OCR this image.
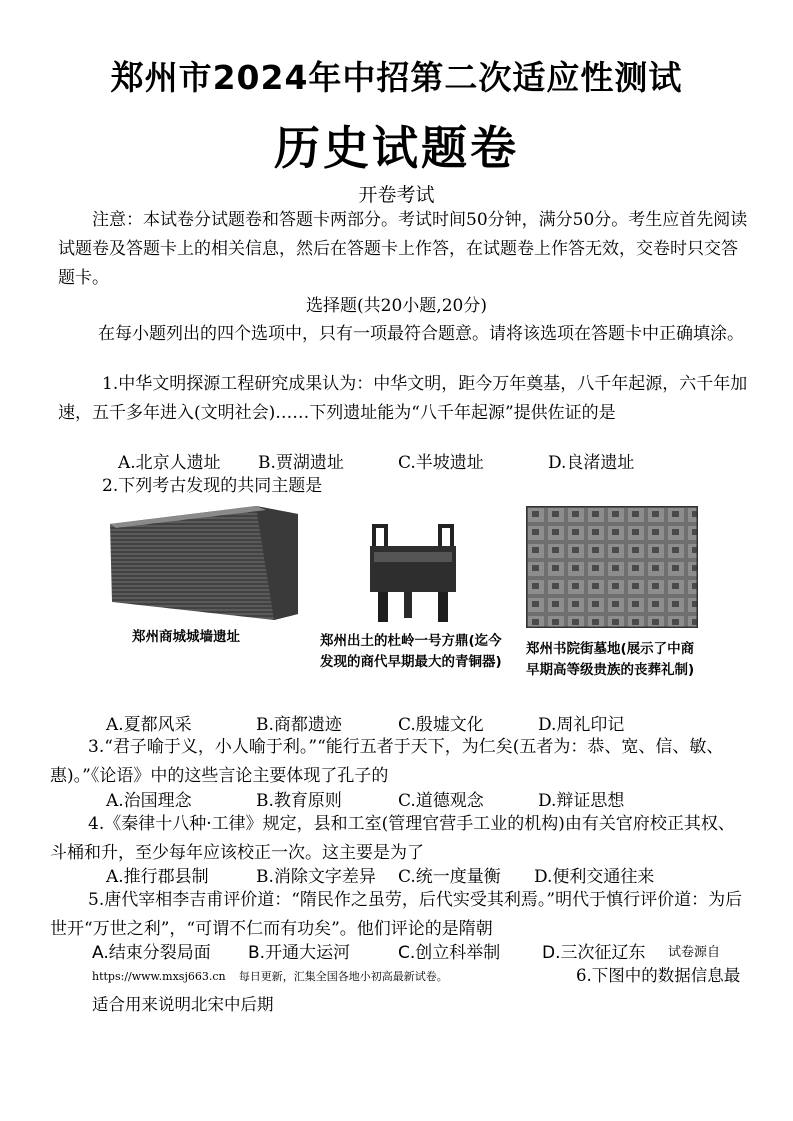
郑州市2024年中招第二次适应性测试
历史试题卷
开卷考试
注意：本试卷分试题卷和答题卡两部分。考试时间50分钟，满分50分。考生应首先阅读试题卷及答题卡上的相关信息，然后在答题卡上作答，在试题卷上作答无效，交卷时只交答题卡。
选择题(共20小题,20分)
在每小题列出的四个选项中，只有一项最符合题意。请将该选项在答题卡中正确填涂。
1.中华文明探源工程研究成果认为：中华文明，距今万年奠基，八千年起源，六千年加速，五千多年进入(文明社会)……下列遗址能为“八千年起源”提供佐证的是
A.北京人遗址 B.贾湖遗址	C.半坡遗址	D.良渚遗址
2.下列考古发现的共同主题是
郑州商城城墙遗址	郑州出土的杜岭一号方鼎(迄今发现的商代早期最大的青铜器)
郑州书院街墓地(展示了中商早期高等级贵族的丧葬礼制)
A.夏都风采	B.商都遗迹	C.殷墟文化	D.周礼印记
3.“君子喻于义，小人喻于利。”“能行五者于天下，为仁矣(五者为：恭、宽、信、敏、惠)。”《论语》中的这些言论主要体现了孔子的
A.治国理念	B.教育原则	C.道德观念	D.辩证思想
4.《秦律十八种·工律》规定，县和工室(管理官营手工业的机构)由有关官府校正其权、斗桶和升，至少每年应该校正一次。这主要是为了
A.推行郡县制	B.消除文字差异 C.统一度量衡 D.便利交通往来
5.唐代宰相李吉甫评价道：“隋民作之虽劳，后代实受其利焉。”明代于慎行评价道：为后世开“万世之利”，“可谓不仁而有功矣”。他们评论的是隋朝
A.结束分裂局面 B.开通大运河	C.创立科举制 D.三次征辽东 试卷源自
https://www.mxsj663.cn 每日更新，汇集全国各地小初高最新试卷。	6.下图中的数据信息最适合用来说明北宋中后期
